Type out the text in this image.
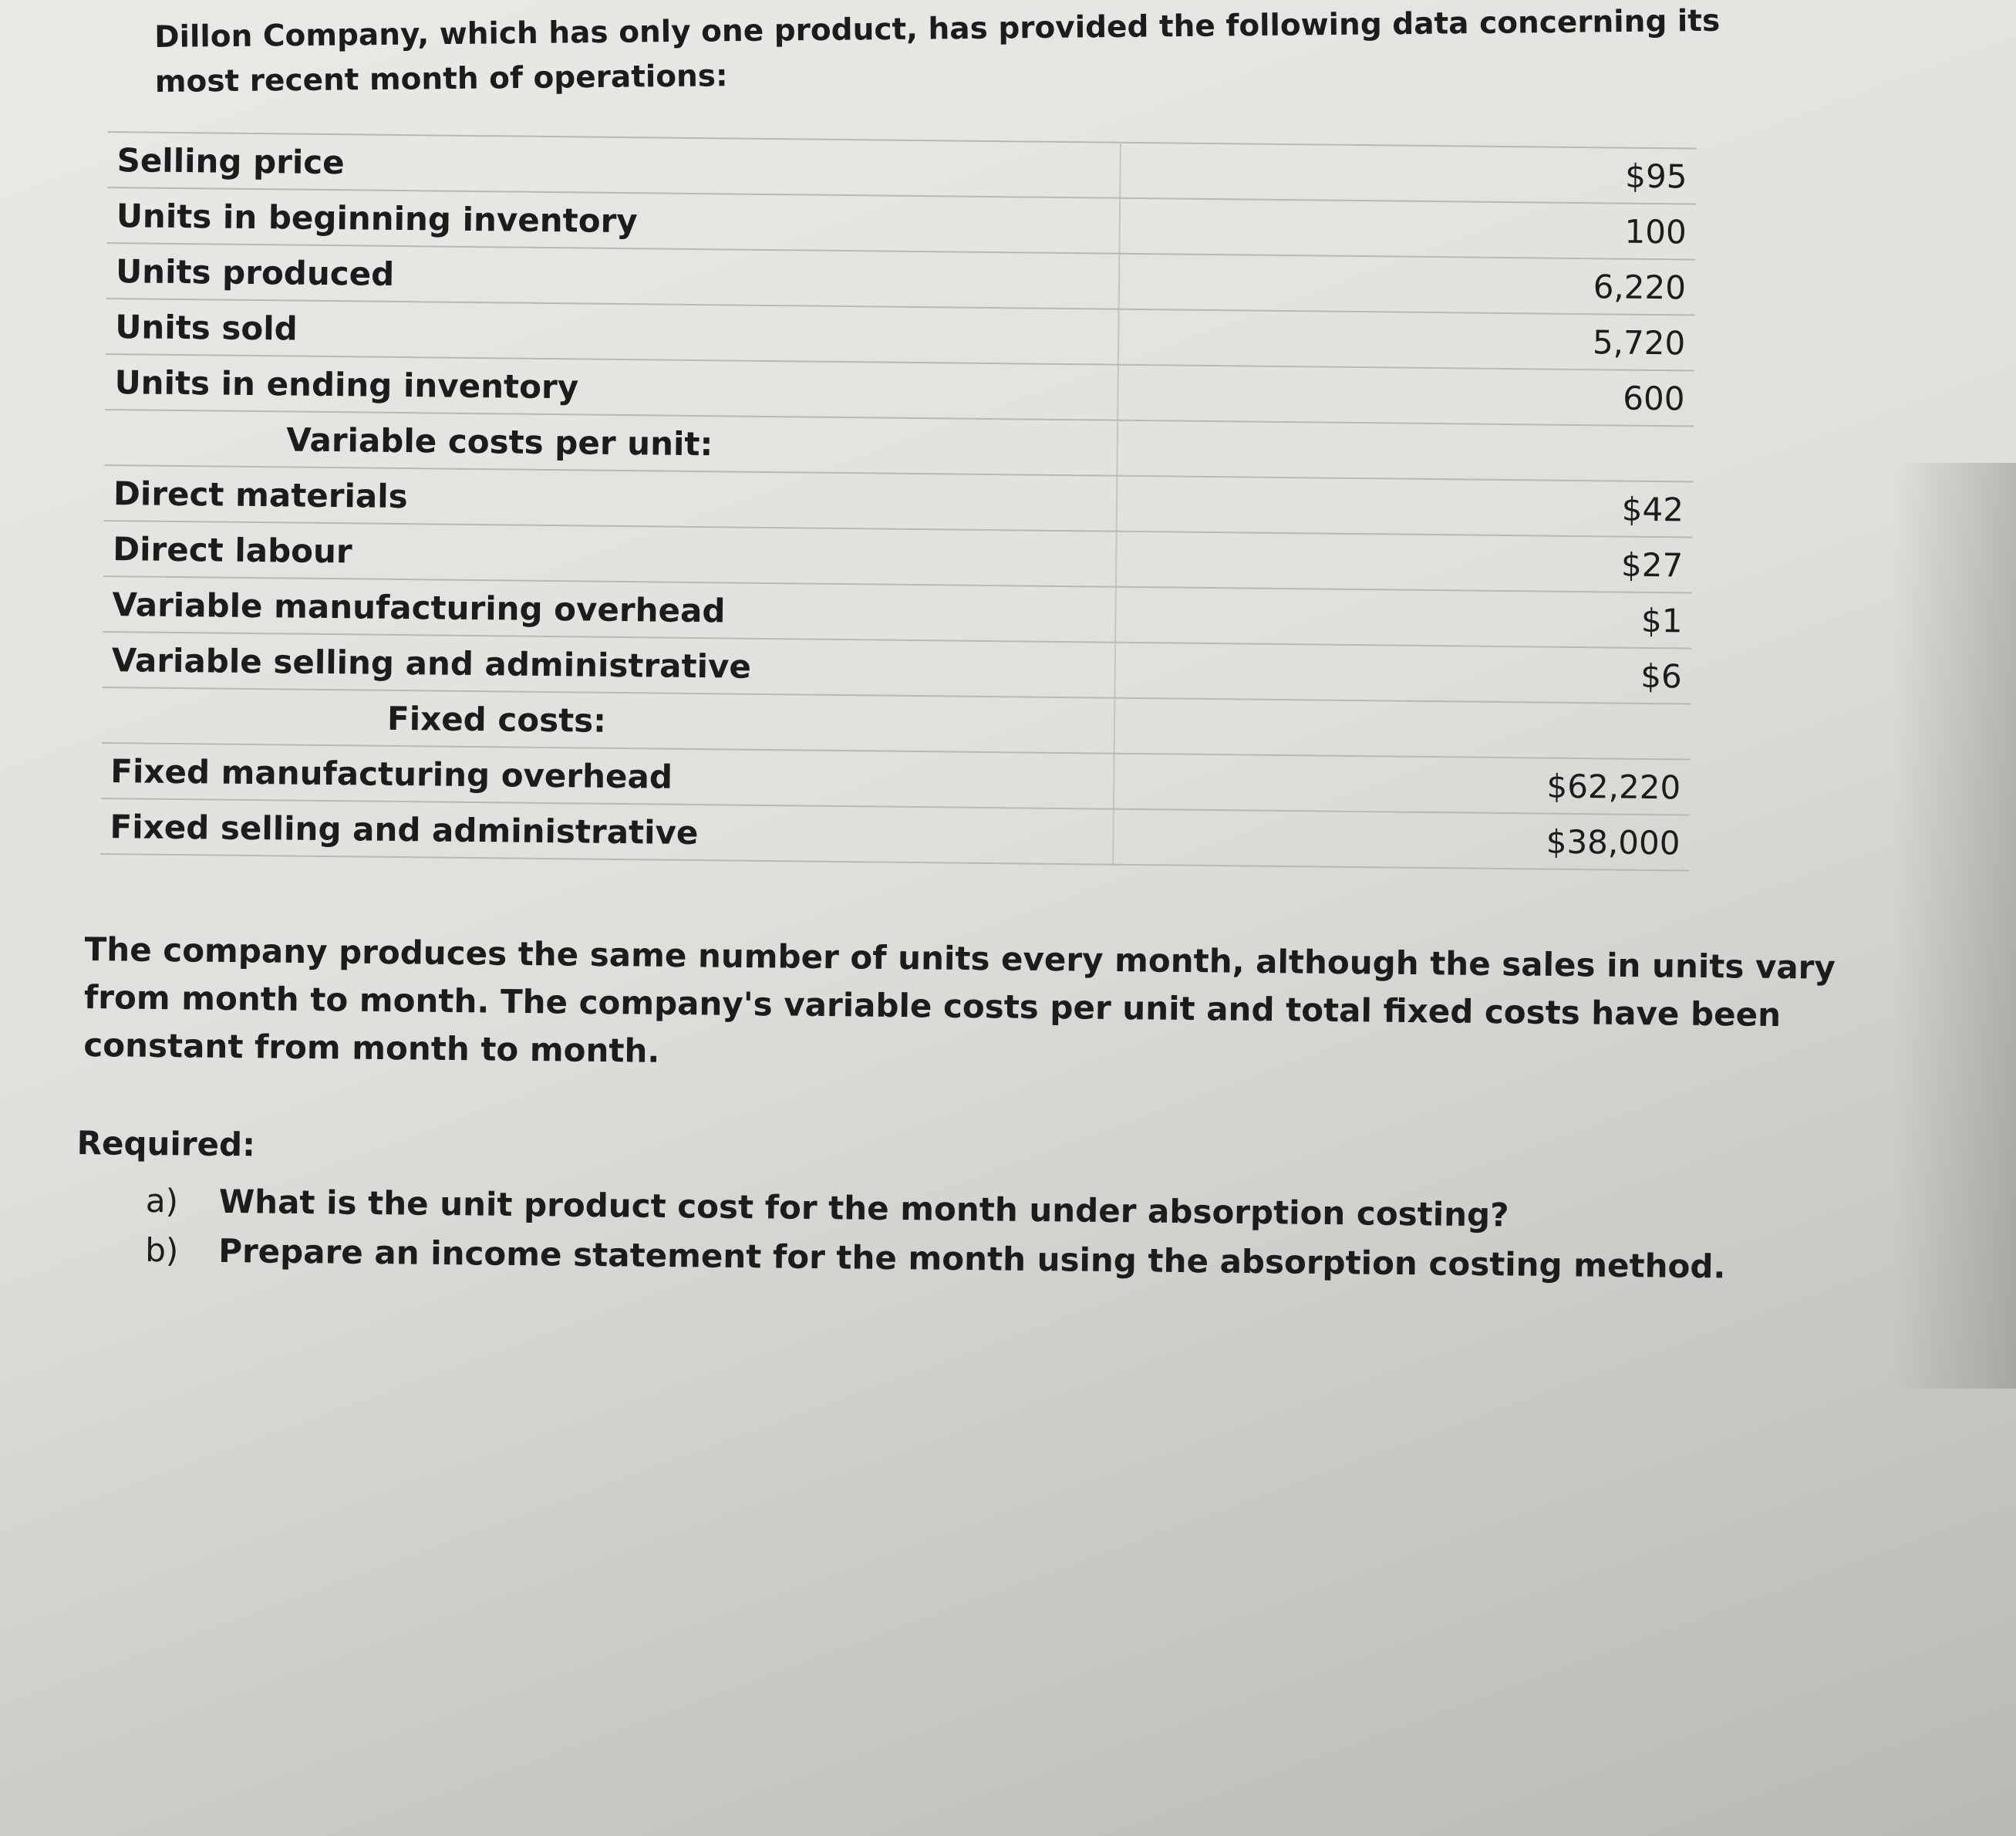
Dillon Company, which has only one product, has provided the following data concerning its most recent month of operations:
Selling price	$95
Units in beginning inventory	100
Units produced	6,220
Units sold	5,720
Units in ending inventory	600
Variable costs per unit:	
Direct materials	$42
Direct labour	$27
Variable manufacturing overhead	$1
Variable selling and administrative	$6
Fixed costs:	
Fixed manufacturing overhead	$62,220
Fixed selling and administrative	$38,000
The company produces the same number of units every month, although the sales in units vary from month to month. The company's variable costs per unit and total fixed costs have been constant from month to month.
Required:
a)	What is the unit product cost for the month under absorption costing?
b)	Prepare an income statement for the month using the absorption costing method.
